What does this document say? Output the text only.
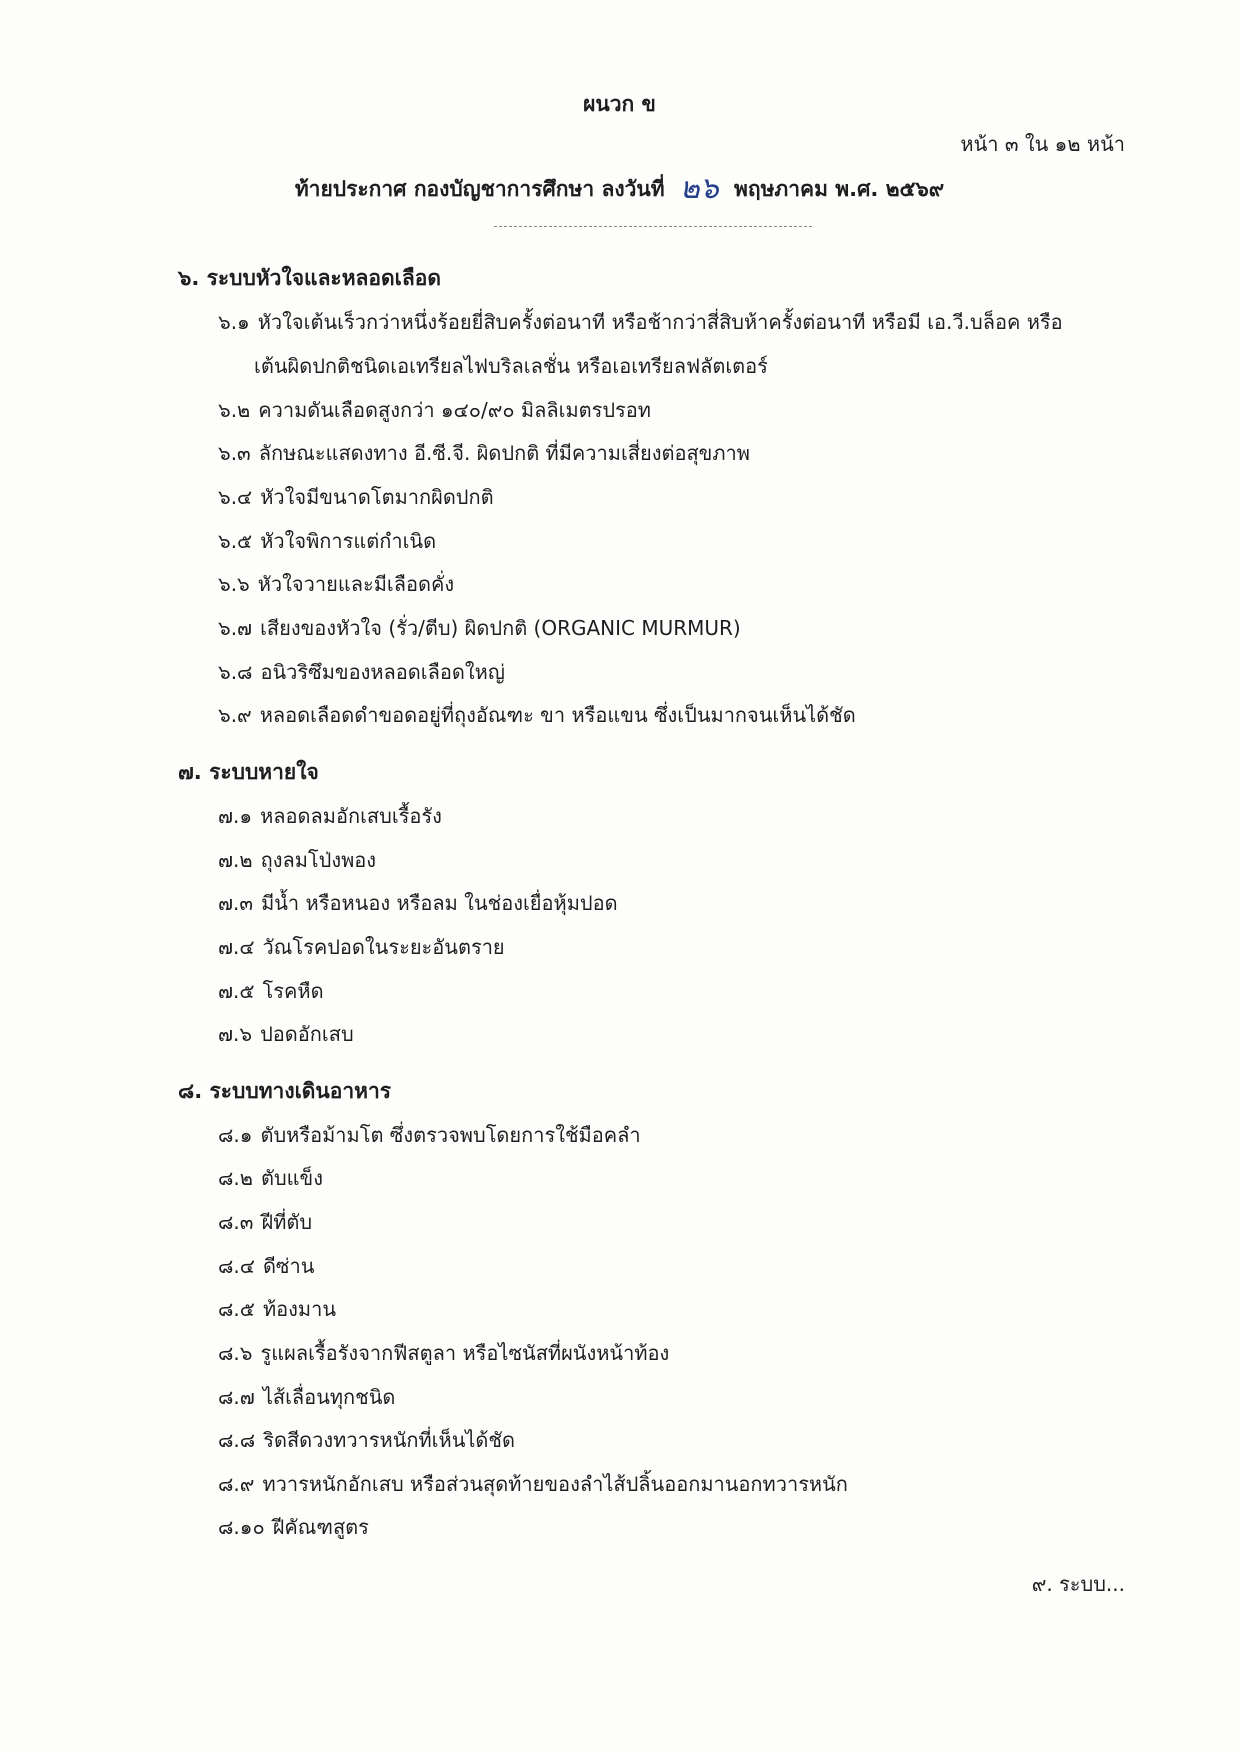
ผนวก ข
หน้า ๓ ใน ๑๒ หน้า
ท้ายประกาศ กองบัญชาการศึกษา ลงวันที่ ๒๖ พฤษภาคม พ.ศ. ๒๕๖๙
๖. ระบบหัวใจและหลอดเลือด
๖.๑ หัวใจเต้นเร็วกว่าหนึ่งร้อยยี่สิบครั้งต่อนาที หรือช้ากว่าสี่สิบห้าครั้งต่อนาที หรือมี เอ.วี.บล็อค หรือ
เต้นผิดปกติชนิดเอเทรียลไฟบริลเลชั่น หรือเอเทรียลฟลัตเตอร์
๖.๒ ความดันเลือดสูงกว่า ๑๔๐/๙๐ มิลลิเมตรปรอท
๖.๓ ลักษณะแสดงทาง อี.ซี.จี. ผิดปกติ ที่มีความเสี่ยงต่อสุขภาพ
๖.๔ หัวใจมีขนาดโตมากผิดปกติ
๖.๕ หัวใจพิการแต่กำเนิด
๖.๖ หัวใจวายและมีเลือดคั่ง
๖.๗ เสียงของหัวใจ (รั่ว/ตีบ) ผิดปกติ (ORGANIC MURMUR)
๖.๘ อนิวริซึมของหลอดเลือดใหญ่
๖.๙ หลอดเลือดดำขอดอยู่ที่ถุงอัณฑะ ขา หรือแขน ซึ่งเป็นมากจนเห็นได้ชัด
๗. ระบบหายใจ
๗.๑ หลอดลมอักเสบเรื้อรัง
๗.๒ ถุงลมโป่งพอง
๗.๓ มีน้ำ หรือหนอง หรือลม ในช่องเยื่อหุ้มปอด
๗.๔ วัณโรคปอดในระยะอันตราย
๗.๕ โรคหืด
๗.๖ ปอดอักเสบ
๘. ระบบทางเดินอาหาร
๘.๑ ตับหรือม้ามโต ซึ่งตรวจพบโดยการใช้มือคลำ
๘.๒ ตับแข็ง
๘.๓ ฝีที่ตับ
๘.๔ ดีซ่าน
๘.๕ ท้องมาน
๘.๖ รูแผลเรื้อรังจากฟีสตูลา หรือไซนัสที่ผนังหน้าท้อง
๘.๗ ไส้เลื่อนทุกชนิด
๘.๘ ริดสีดวงทวารหนักที่เห็นได้ชัด
๘.๙ ทวารหนักอักเสบ หรือส่วนสุดท้ายของลำไส้ปลิ้นออกมานอกทวารหนัก
๘.๑๐ ฝีคัณฑสูตร
๙. ระบบ...
